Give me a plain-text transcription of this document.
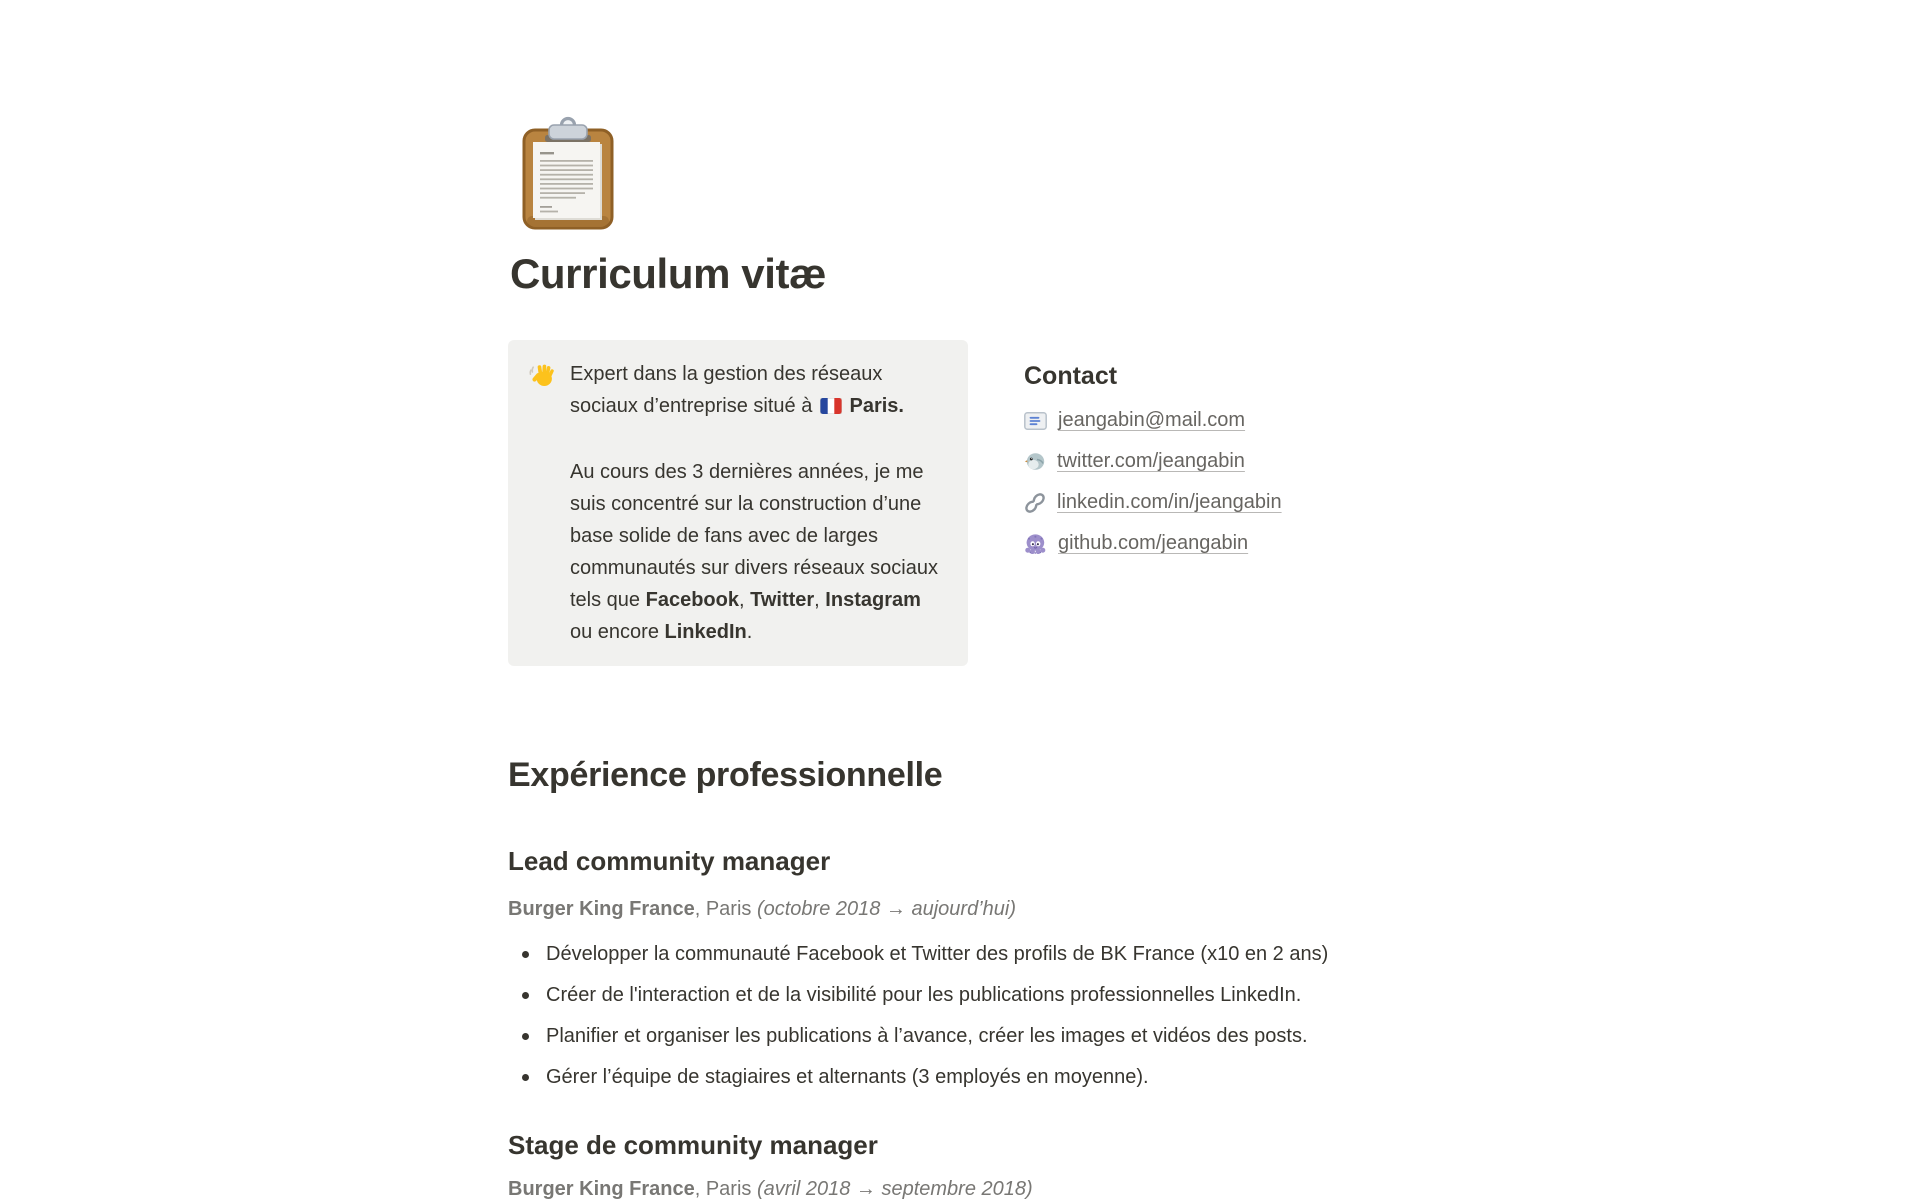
Curriculum vitæ
Expert dans la gestion des réseaux sociaux d’entreprise situé à  Paris.
Au cours des 3 dernières années, je me suis concentré sur la construction d’une base solide de fans avec de larges communautés sur divers réseaux sociaux tels que Facebook, Twitter, Instagram ou encore LinkedIn.
Contact
jeangabin@mail.com
twitter.com/jeangabin
linkedin.com/in/jeangabin
github.com/jeangabin
Expérience professionnelle
Lead community manager
Burger King France, Paris (octobre 2018 → aujourd’hui)
Développer la communauté Facebook et Twitter des profils de BK France (x10 en 2 ans)
Créer de l'interaction et de la visibilité pour les publications professionnelles LinkedIn.
Planifier et organiser les publications à l’avance, créer les images et vidéos des posts.
Gérer l’équipe de stagiaires et alternants (3 employés en moyenne).
Stage de community manager
Burger King France, Paris (avril 2018 → septembre 2018)
